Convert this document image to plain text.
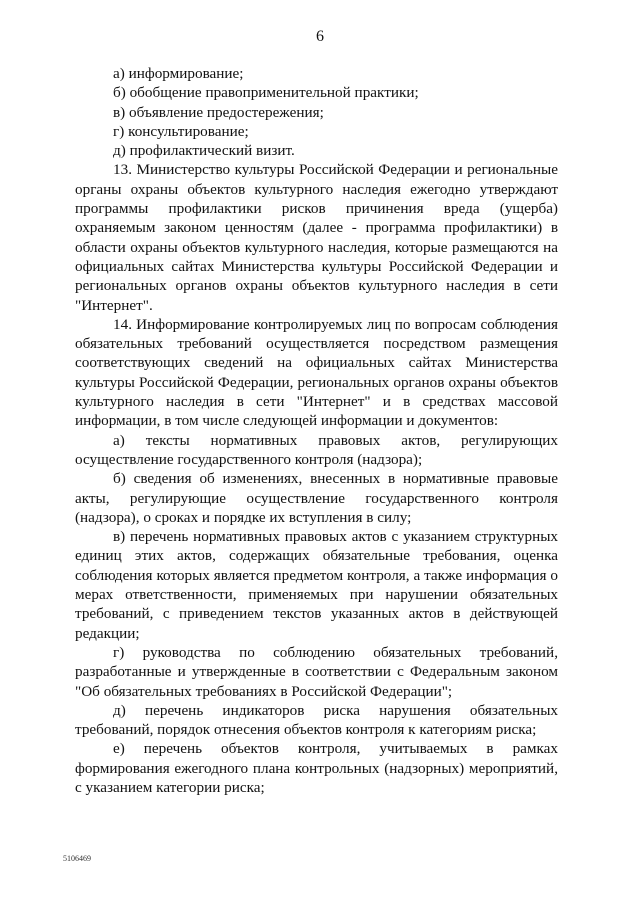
6
а) информирование;
б) обобщение правоприменительной практики;
в) объявление предостережения;
г) консультирование;
д) профилактический визит.

13. Министерство культуры Российской Федерации и региональные органы охраны объектов культурного наследия ежегодно утверждают программы профилактики рисков причинения вреда (ущерба) охраняемым законом ценностям (далее - программа профилактики) в области охраны объектов культурного наследия, которые размещаются на официальных сайтах Министерства культуры Российской Федерации и региональных органов охраны объектов культурного наследия в сети "Интернет".

14. Информирование контролируемых лиц по вопросам соблюдения обязательных требований осуществляется посредством размещения соответствующих сведений на официальных сайтах Министерства культуры Российской Федерации, региональных органов охраны объектов культурного наследия в сети "Интернет" и в средствах массовой информации, в том числе следующей информации и документов:

а) тексты нормативных правовых актов, регулирующих осуществление государственного контроля (надзора);

б) сведения об изменениях, внесенных в нормативные правовые акты, регулирующие осуществление государственного контроля (надзора), о сроках и порядке их вступления в силу;

в) перечень нормативных правовых актов с указанием структурных единиц этих актов, содержащих обязательные требования, оценка соблюдения которых является предметом контроля, а также информация о мерах ответственности, применяемых при нарушении обязательных требований, с приведением текстов указанных актов в действующей редакции;

г) руководства по соблюдению обязательных требований, разработанные и утвержденные в соответствии с Федеральным законом "Об обязательных требованиях в Российской Федерации";

д) перечень индикаторов риска нарушения обязательных требований, порядок отнесения объектов контроля к категориям риска;

е) перечень объектов контроля, учитываемых в рамках формирования ежегодного плана контрольных (надзорных) мероприятий, с указанием категории риска;

5106469
